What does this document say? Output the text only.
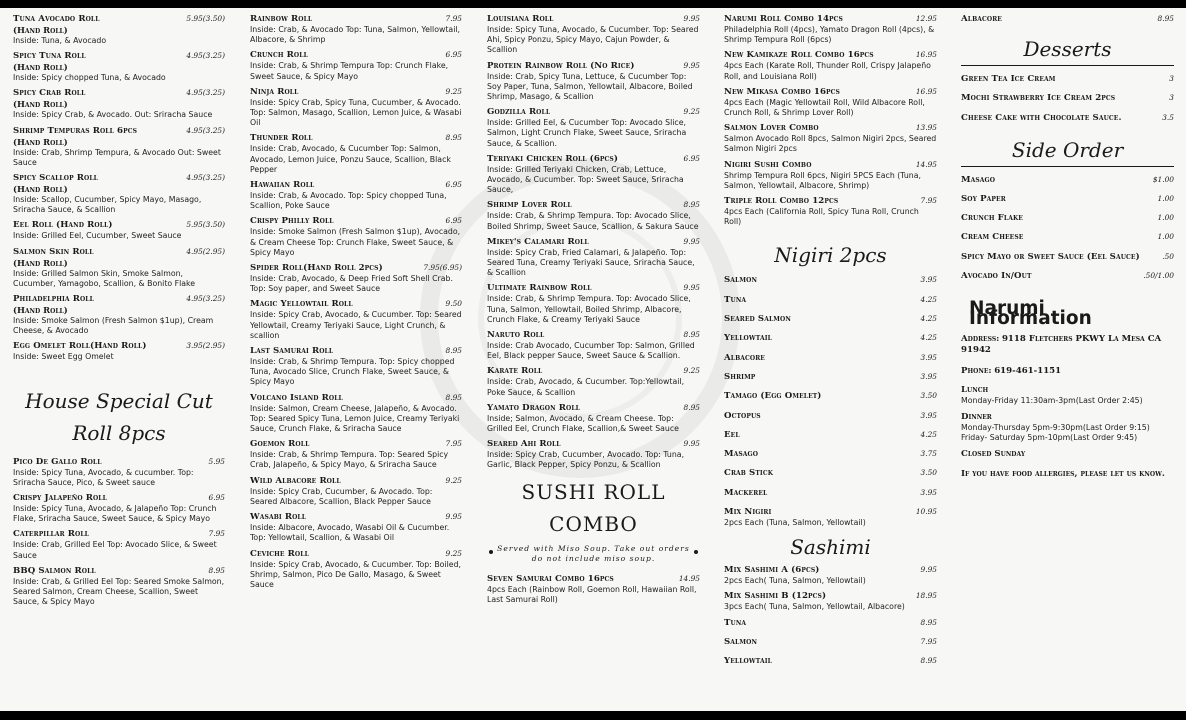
Tuna Avocado Roll	5.95(3.50)
(Hand Roll)
Inside: Tuna, & Avocado
Spicy Tuna Roll	4.95(3.25)
(Hand Roll)
Inside: Spicy chopped Tuna, & Avocado
Spicy Crab Roll	4.95(3.25)
(Hand Roll)
Inside: Spicy Crab, & Avocado. Out: Sriracha Sauce
Shrimp Tempuras Roll 6pcs	4.95(3.25)
(Hand Roll)
Inside: Crab, Shrimp Tempura, & Avocado Out: Sweet Sauce
Spicy Scallop Roll	4.95(3.25)
(Hand Roll)
Inside: Scallop, Cucumber, Spicy Mayo, Masago, Sriracha Sauce, & Scallion
Eel Roll (Hand Roll)	5.95(3.50)
Inside: Grilled Eel, Cucumber, Sweet Sauce
Salmon Skin Roll	4.95(2.95)
(Hand Roll)
Inside: Grilled Salmon Skin, Smoke Salmon, Cucumber, Yamagobo, Scallion, & Bonito Flake
Philadelphia Roll	4.95(3.25)
(Hand Roll)
Inside: Smoke Salmon (Fresh Salmon $1up), Cream Cheese, & Avocado
Egg Omelet Roll(Hand Roll)	3.95(2.95)
Inside: Sweet Egg Omelet
House Special Cut Roll 8pcs
Pico De Gallo Roll	5.95
Inside: Spicy Tuna, Avocado, & cucumber. Top: Sriracha Sauce, Pico, & Sweet sauce
Crispy Jalapeño Roll	6.95
Inside: Spicy Tuna, Avocado, & Jalapeño Top: Crunch Flake, Sriracha Sauce, Sweet Sauce, & Spicy Mayo
Caterpillar Roll	7.95
Inside: Crab, Grilled Eel Top: Avocado Slice, & Sweet Sauce
BBQ Salmon Roll	8.95
Inside: Crab, & Grilled Eel Top: Seared Smoke Salmon, Seared Salmon, Cream Cheese, Scallion, Sweet Sauce, & Spicy Mayo
Rainbow Roll	7.95
Inside: Crab, & Avocado Top: Tuna, Salmon, Yellowtail, Albacore, & Shrimp
Crunch Roll	6.95
Inside: Crab, & Shrimp Tempura Top: Crunch Flake, Sweet Sauce, & Spicy Mayo
Ninja Roll	9.25
Inside: Spicy Crab, Spicy Tuna, Cucumber, & Avocado. Top: Salmon, Masago, Scallion, Lemon Juice, & Wasabi Oil
Thunder Roll	8.95
Inside: Crab, Avocado, & Cucumber Top: Salmon, Avocado, Lemon Juice, Ponzu Sauce, Scallion, Black Pepper
Hawaiian Roll	6.95
Inside: Crab, & Avocado. Top: Spicy chopped Tuna, Scallion, Poke Sauce
Crispy Philly Roll	6.95
Inside: Smoke Salmon (Fresh Salmon $1up), Avocado, & Cream Cheese Top: Crunch Flake, Sweet Sauce, & Spicy Mayo
Spider Roll(Hand Roll 2pcs)	7.95(6.95)
Inside: Crab, Avocado, & Deep Fried Soft Shell Crab. Top: Soy paper, and Sweet Sauce
Magic Yellowtail Roll	9.50
Inside: Spicy Crab, Avocado, & Cucumber. Top: Seared Yellowtail, Creamy Teriyaki Sauce, Light Crunch, & scallion
Last Samurai Roll	8.95
Inside: Crab, & Shrimp Tempura. Top: Spicy chopped Tuna, Avocado Slice, Crunch Flake, Sweet Sauce, & Spicy Mayo
Volcano Island Roll	8.95
Inside: Salmon, Cream Cheese, Jalapeño, & Avocado. Top: Seared Spicy Tuna, Lemon Juice, Creamy Teriyaki Sauce, Crunch Flake, & Sriracha Sauce
Goemon Roll	7.95
Inside: Crab, & Shrimp Tempura. Top: Seared Spicy Crab, Jalapeño, & Spicy Mayo, & Sriracha Sauce
Wild Albacore Roll	9.25
Inside: Spicy Crab, Cucumber, & Avocado. Top: Seared Albacore, Scallion, Black Pepper Sauce
Wasabi Roll	9.95
Inside: Albacore, Avocado, Wasabi Oil & Cucumber. Top: Yellowtail, Scallion, & Wasabi Oil
Ceviche Roll	9.25
Inside: Spicy Crab, Avocado, & Cucumber. Top: Boiled, Shrimp, Salmon, Pico De Gallo, Masago, & Sweet Sauce
Louisiana Roll	9.95
Inside: Spicy Tuna, Avocado, & Cucumber. Top: Seared Ahi, Spicy Ponzu, Spicy Mayo, Cajun Powder, & Scallion
Protein Rainbow Roll (No Rice)	9.95
Inside: Crab, Spicy Tuna, Lettuce, & Cucumber Top: Soy Paper, Tuna, Salmon, Yellowtail, Albacore, Boiled Shrimp, Masago, & Scallion
Godzilla Roll	9.25
Inside: Grilled Eel, & Cucumber Top: Avocado Slice, Salmon, Light Crunch Flake, Sweet Sauce, Sriracha Sauce, & Scallion.
Teriyaki Chicken Roll (6pcs)	6.95
Inside: Grilled Teriyaki Chicken, Crab, Lettuce, Avocado, & Cucumber. Top: Sweet Sauce, Sriracha Sauce,
Shrimp Lover Roll	8.95
Inside: Crab, & Shrimp Tempura. Top: Avocado Slice, Boiled Shrimp, Sweet Sauce, Scallion, & Sakura Sauce
Mikey's Calamari Roll	9.95
Inside: Spicy Crab, Fried Calamari, & Jalapeño. Top: Seared Tuna, Creamy Teriyaki Sauce, Sriracha Sauce, & Scallion
Ultimate Rainbow Roll	9.95
Inside: Crab, & Shrimp Tempura. Top: Avocado Slice, Tuna, Salmon, Yellowtail, Boiled Shrimp, Albacore, Crunch Flake, & Creamy Teriyaki Sauce
Naruto Roll	8.95
Inside: Crab Avocado, Cucumber Top: Salmon, Grilled Eel, Black pepper Sauce, Sweet Sauce & Scallion.
Karate Roll	9.25
Inside: Crab, Avocado, & Cucumber. Top:Yellowtail, Poke Sauce, & Scallion
Yamato Dragon Roll	8.95
Inside; Salmon, Avocado, & Cream Cheese. Top: Grilled Eel, Crunch Flake, Scallion,& Sweet Sauce
Seared Ahi Roll	9.95
Inside: Spicy Crab, Cucumber, Avocado. Top: Tuna, Garlic, Black Pepper, Spicy Ponzu, & Scallion
SUSHI ROLL COMBO
Served with Miso Soup. Take out orders do not include miso soup.
Seven Samurai Combo 16pcs	14.95
4pcs Each (Rainbow Roll, Goemon Roll, Hawaiian Roll, Last Samurai Roll)
Narumi Roll Combo 14pcs	12.95
Philadelphia Roll (4pcs), Yamato Dragon Roll (4pcs), & Shrimp Tempura Roll (6pcs)
New Kamikaze Roll Combo 16pcs	16.95
4pcs Each (Karate Roll, Thunder Roll, Crispy Jalapeño Roll, and Louisiana Roll)
New Mikasa Combo 16pcs	16.95
4pcs Each (Magic Yellowtail Roll, Wild Albacore Roll, Crunch Roll, & Shrimp Lover Roll)
Salmon Lover Combo	13.95
Salmon Avocado Roll 8pcs, Salmon Nigiri 2pcs, Seared Salmon Nigiri 2pcs
Nigiri Sushi Combo	14.95
Shrimp Tempura Roll 6pcs, Nigiri 5PCS Each (Tuna, Salmon, Yellowtail, Albacore, Shrimp)
Triple Roll Combo 12pcs	7.95
4pcs Each (California Roll, Spicy Tuna Roll, Crunch Roll)
Nigiri 2pcs
Salmon	3.95
Tuna	4.25
Seared Salmon	4.25
Yellowtail	4.25
Albacore	3.95
Shrimp	3.95
Tamago (Egg Omelet)	3.50
Octopus	3.95
Eel	4.25
Masago	3.75
Crab Stick	3.50
Mackerel	3.95
Mix Nigiri	10.95
2pcs Each (Tuna, Salmon, Yellowtail)
Sashimi
Mix Sashimi A (6pcs)	9.95
2pcs Each( Tuna, Salmon, Yellowtail)
Mix Sashimi B (12pcs)	18.95
3pcs Each( Tuna, Salmon, Yellowtail, Albacore)
Tuna	8.95
Salmon	7.95
Yellowtail	8.95
Albacore	8.95
Desserts
Green Tea Ice Cream	3
Mochi Strawberry Ice Cream 2pcs	3
Cheese Cake with Chocolate Sauce.	3.5
Side Order
Masago	$1.00
Soy Paper	1.00
Crunch Flake	1.00
Cream Cheese	1.00
Spicy Mayo or Sweet Sauce (Eel Sauce)	.50
Avocado In/Out	.50/1.00
Narumi Information

Address: 9118 Fletchers PKWY La Mesa CA 91942

Phone: 619-461-1151

Lunch
Monday-Friday 11:30am-3pm(Last Order 2:45)
Dinner
Monday-Thursday 5pm-9:30pm(Last Order 9:15)
Friday- Saturday 5pm-10pm(Last Order 9:45)

Closed Sunday

If you have food allergies, please let us know.
